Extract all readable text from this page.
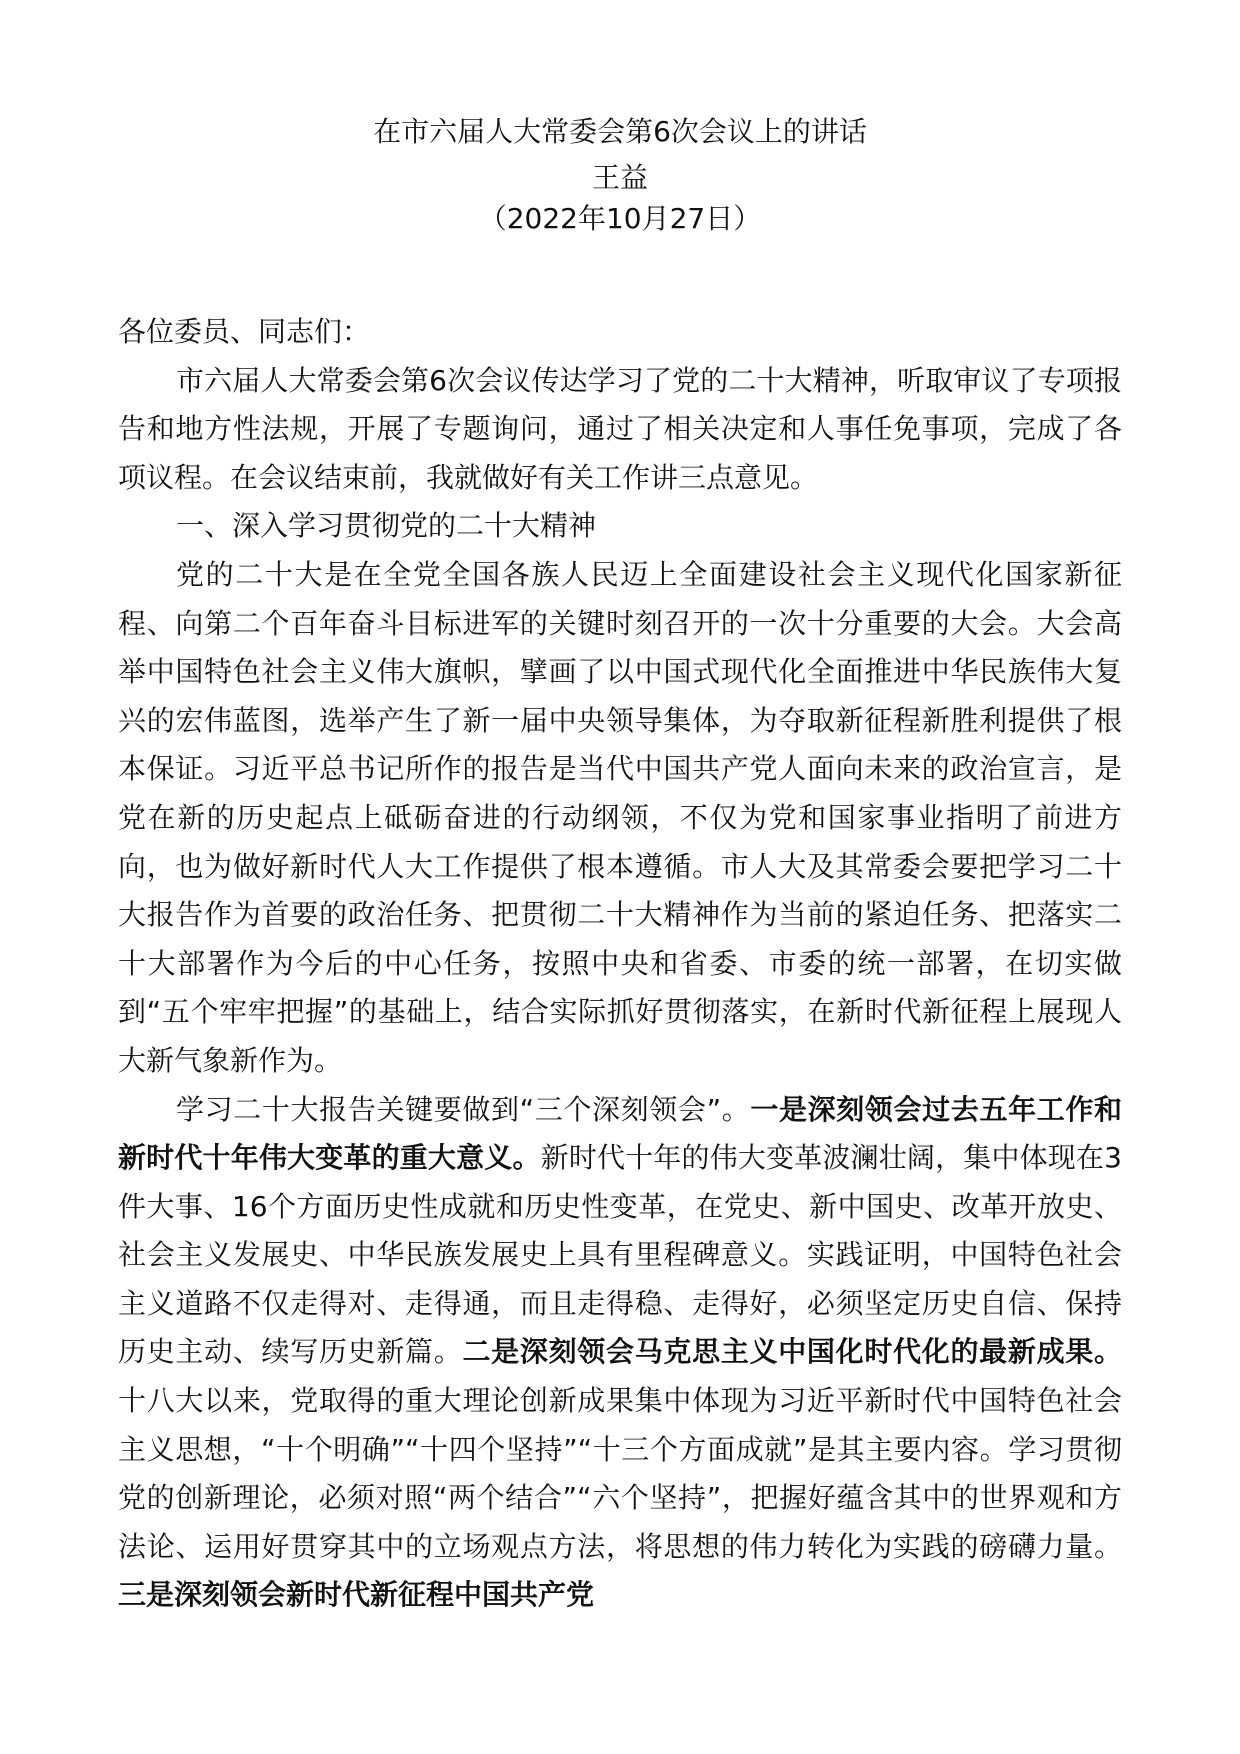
在市六届人大常委会第6次会议上的讲话
王益
（2022年10月27日）

各位委员、同志们：

市六届人大常委会第6次会议传达学习了党的二十大精神，听取审议了专项报告和地方性法规，开展了专题询问，通过了相关决定和人事任免事项，完成了各项议程。在会议结束前，我就做好有关工作讲三点意见。

一、深入学习贯彻党的二十大精神

党的二十大是在全党全国各族人民迈上全面建设社会主义现代化国家新征程、向第二个百年奋斗目标进军的关键时刻召开的一次十分重要的大会。大会高举中国特色社会主义伟大旗帜，擘画了以中国式现代化全面推进中华民族伟大复兴的宏伟蓝图，选举产生了新一届中央领导集体，为夺取新征程新胜利提供了根本保证。习近平总书记所作的报告是当代中国共产党人面向未来的政治宣言，是党在新的历史起点上砥砺奋进的行动纲领，不仅为党和国家事业指明了前进方向，也为做好新时代人大工作提供了根本遵循。市人大及其常委会要把学习二十大报告作为首要的政治任务、把贯彻二十大精神作为当前的紧迫任务、把落实二十大部署作为今后的中心任务，按照中央和省委、市委的统一部署，在切实做到“五个牢牢把握”的基础上，结合实际抓好贯彻落实，在新时代新征程上展现人大新气象新作为。

学习二十大报告关键要做到“三个深刻领会”。一是深刻领会过去五年工作和新时代十年伟大变革的重大意义。新时代十年的伟大变革波澜壮阔，集中体现在3件大事、16个方面历史性成就和历史性变革，在党史、新中国史、改革开放史、社会主义发展史、中华民族发展史上具有里程碑意义。实践证明，中国特色社会主义道路不仅走得对、走得通，而且走得稳、走得好，必须坚定历史自信、保持历史主动、续写历史新篇。二是深刻领会马克思主义中国化时代化的最新成果。十八大以来，党取得的重大理论创新成果集中体现为习近平新时代中国特色社会主义思想，“十个明确”“十四个坚持”“十三个方面成就”是其主要内容。学习贯彻党的创新理论，必须对照“两个结合”“六个坚持”，把握好蕴含其中的世界观和方法论、运用好贯穿其中的立场观点方法，将思想的伟力转化为实践的磅礴力量。三是深刻领会新时代新征程中国共产党
